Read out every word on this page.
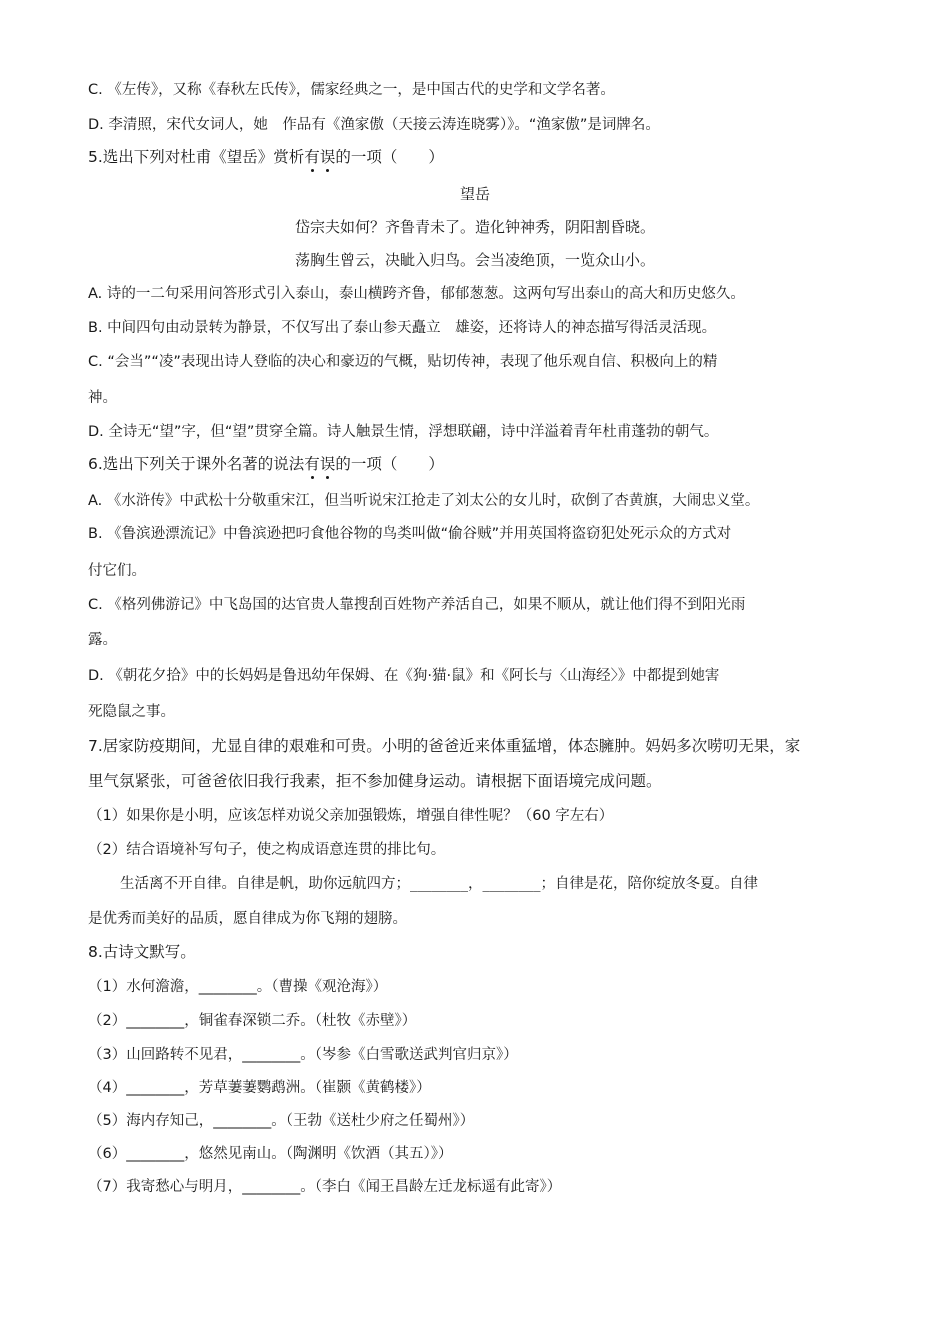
C. 《左传》，又称《春秋左氏传》，儒家经典之一，是中国古代的史学和文学名著。
D. 李清照，宋代女词人，她　作品有《渔家傲（天接云涛连晓雾）》。“渔家傲”是词牌名。
5.选出下列对杜甫《望岳》赏析有误的一项（　　）
望岳
岱宗夫如何？齐鲁青未了。造化钟神秀，阴阳割昏晓。
荡胸生曾云，决眦入归鸟。会当凌绝顶，一览众山小。
A. 诗的一二句采用问答形式引入泰山，泰山横跨齐鲁，郁郁葱葱。这两句写出泰山的高大和历史悠久。
B. 中间四句由动景转为静景，不仅写出了泰山参天矗立　雄姿，还将诗人的神态描写得活灵活现。
C. “会当”“凌”表现出诗人登临的决心和豪迈的气概，贴切传神，表现了他乐观自信、积极向上的精
神。
D. 全诗无“望”字，但“望”贯穿全篇。诗人触景生情，浮想联翩，诗中洋溢着青年杜甫蓬勃的朝气。
6.选出下列关于课外名著的说法有误的一项（　　）
A. 《水浒传》中武松十分敬重宋江，但当听说宋江抢走了刘太公的女儿时，砍倒了杏黄旗，大闹忠义堂。
B. 《鲁滨逊漂流记》中鲁滨逊把叼食他谷物的鸟类叫做“偷谷贼”并用英国将盗窃犯处死示众的方式对
付它们。
C. 《格列佛游记》中飞岛国的达官贵人靠搜刮百姓物产养活自己，如果不顺从，就让他们得不到阳光雨
露。
D. 《朝花夕拾》中的长妈妈是鲁迅幼年保姆、在《狗·猫·鼠》和《阿长与〈山海经〉》中都提到她害
死隐鼠之事。
7.居家防疫期间，尤显自律的艰难和可贵。小明的爸爸近来体重猛增，体态臃肿。妈妈多次唠叨无果，家
里气氛紧张，可爸爸依旧我行我素，拒不参加健身运动。请根据下面语境完成问题。
（1）如果你是小明，应该怎样劝说父亲加强锻炼，增强自律性呢？（60 字左右）
（2）结合语境补写句子，使之构成语意连贯的排比句。
生活离不开自律。自律是帆，助你远航四方；________，________；自律是花，陪你绽放冬夏。自律
是优秀而美好的品质，愿自律成为你飞翔的翅膀。
8.古诗文默写。
（1）水何澹澹，________。（曹操《观沧海》）
（2）________，铜雀春深锁二乔。（杜牧《赤壁》）
（3）山回路转不见君，________。（岑参《白雪歌送武判官归京》）
（4）________，芳草萋萋鹦鹉洲。（崔颢《黄鹤楼》）
（5）海内存知己，________。（王勃《送杜少府之任蜀州》）
（6）________，悠然见南山。（陶渊明《饮酒（其五）》）
（7）我寄愁心与明月，________。（李白《闻王昌龄左迁龙标遥有此寄》）
